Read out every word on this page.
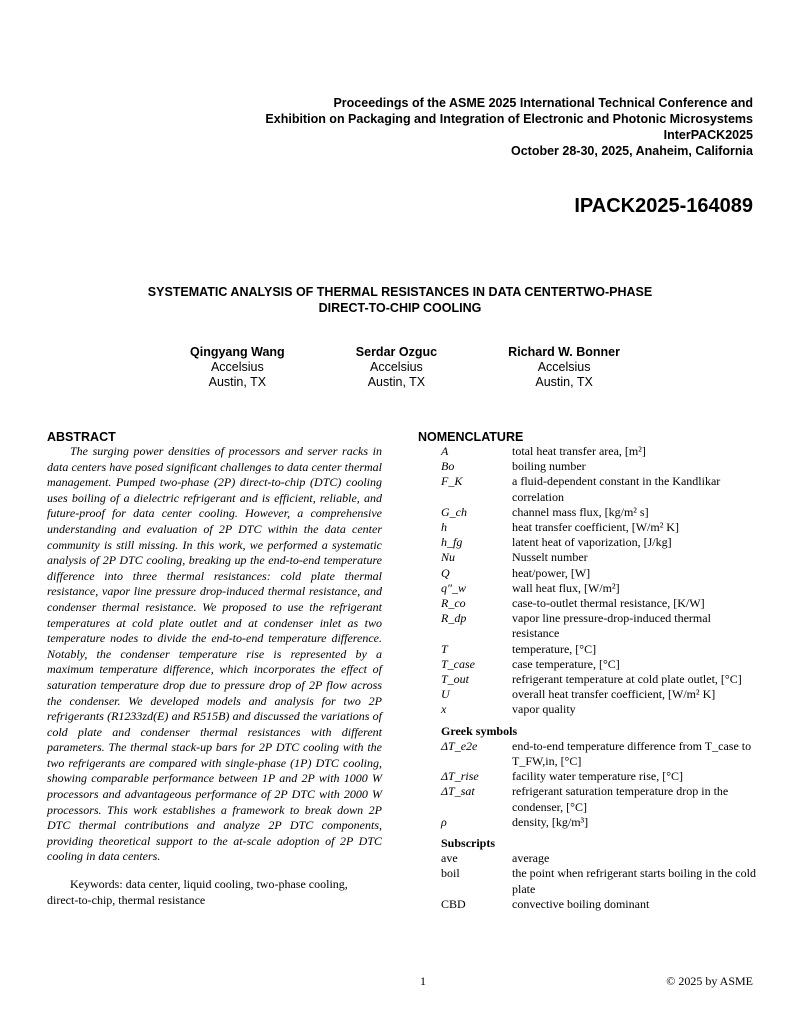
Proceedings of the ASME 2025 International Technical Conference and
Exhibition on Packaging and Integration of Electronic and Photonic Microsystems
InterPACK2025
October 28-30, 2025, Anaheim, California
IPACK2025-164089
SYSTEMATIC ANALYSIS OF THERMAL RESISTANCES IN DATA CENTERTWO-PHASE
DIRECT-TO-CHIP COOLING
Qingyang Wang
Accelsius
Austin, TX
Serdar Ozguc
Accelsius
Austin, TX
Richard W. Bonner
Accelsius
Austin, TX
ABSTRACT

The surging power densities of processors and server racks in data centers have posed significant challenges to data center thermal management. Pumped two-phase (2P) direct-to-chip (DTC) cooling uses boiling of a dielectric refrigerant and is efficient, reliable, and future-proof for data center cooling. However, a comprehensive understanding and evaluation of 2P DTC within the data center community is still missing. In this work, we performed a systematic analysis of 2P DTC cooling, breaking up the end-to-end temperature difference into three thermal resistances: cold plate thermal resistance, vapor line pressure drop-induced thermal resistance, and condenser thermal resistance. We proposed to use the refrigerant temperatures at cold plate outlet and at condenser inlet as two temperature nodes to divide the end-to-end temperature difference. Notably, the condenser temperature rise is represented by a maximum temperature difference, which incorporates the effect of saturation temperature drop due to pressure drop of 2P flow across the condenser. We developed models and analysis for two 2P refrigerants (R1233zd(E) and R515B) and discussed the variations of cold plate and condenser thermal resistances with different parameters. The thermal stack-up bars for 2P DTC cooling with the two refrigerants are compared with single-phase (1P) DTC cooling, showing comparable performance between 1P and 2P with 1000 W processors and advantageous performance of 2P DTC with 2000 W processors. This work establishes a framework to break down 2P DTC thermal contributions and analyze 2P DTC components, providing theoretical support to the at-scale adoption of 2P DTC cooling in data centers.

Keywords: data center, liquid cooling, two-phase cooling, direct-to-chip, thermal resistance

NOMENCLATURE
A	total heat transfer area, [m²]
Bo	boiling number
F_K	a fluid-dependent constant in the Kandlikar correlation
G_ch	channel mass flux, [kg/m² s]
h	heat transfer coefficient, [W/m² K]
h_fg	latent heat of vaporization, [J/kg]
Nu	Nusselt number
Q	heat/power, [W]
q″_w	wall heat flux, [W/m²]
R_co	case-to-outlet thermal resistance, [K/W]
R_dp	vapor line pressure-drop-induced thermal resistance
T	temperature, [°C]
T_case	case temperature, [°C]
T_out	refrigerant temperature at cold plate outlet, [°C]
U	overall heat transfer coefficient, [W/m² K]
x	vapor quality
Greek symbols
ΔT_e2e	end-to-end temperature difference from T_case to T_FW,in, [°C]
ΔT_rise	facility water temperature rise, [°C]
ΔT_sat	refrigerant saturation temperature drop in the condenser, [°C]
ρ	density, [kg/m³]
Subscripts
ave	average
boil	the point when refrigerant starts boiling in the cold plate
CBD	convective boiling dominant
1	© 2025 by ASME
